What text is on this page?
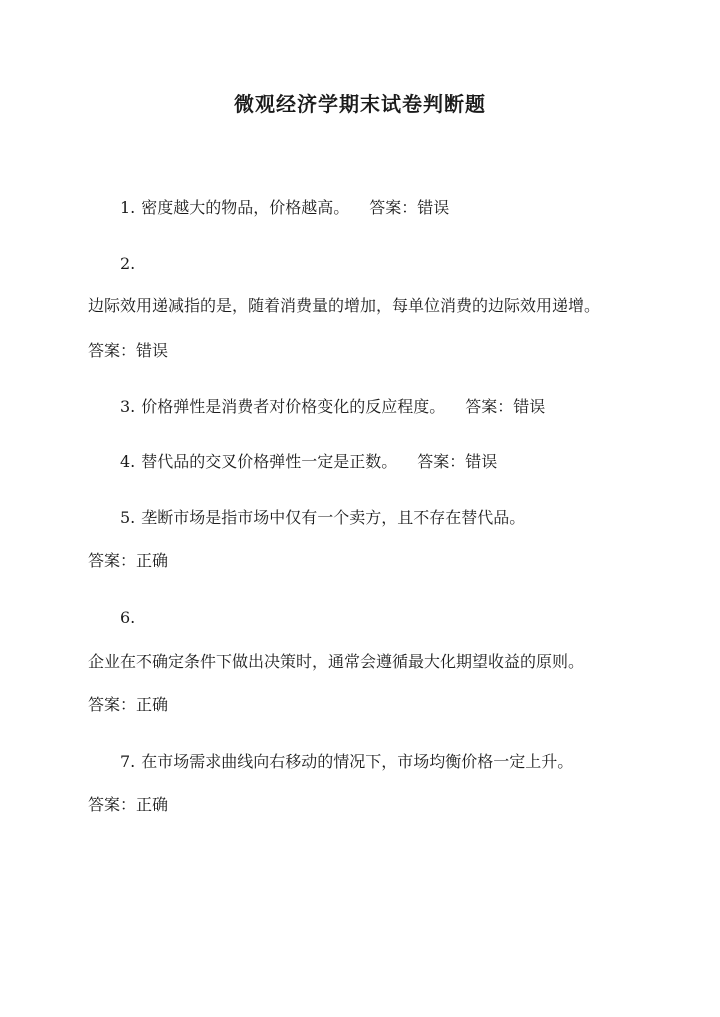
微观经济学期末试卷判断题
1. 密度越大的物品，价格越高。 答案：错误
2.
边际效用递减指的是，随着消费量的增加，每单位消费的边际效用递增。
答案：错误
3. 价格弹性是消费者对价格变化的反应程度。 答案：错误
4. 替代品的交叉价格弹性一定是正数。 答案：错误
5. 垄断市场是指市场中仅有一个卖方，且不存在替代品。
答案：正确
6.
企业在不确定条件下做出决策时，通常会遵循最大化期望收益的原则。
答案：正确
7. 在市场需求曲线向右移动的情况下，市场均衡价格一定上升。
答案：正确
